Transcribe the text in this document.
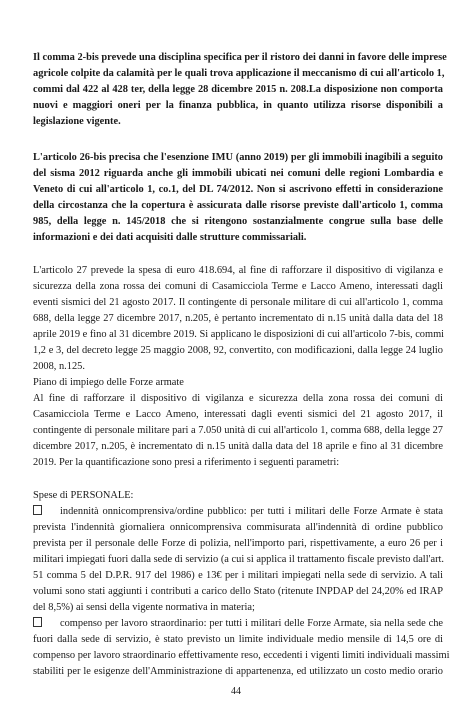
Il comma 2-bis prevede una disciplina specifica per il ristoro dei danni in favore delle imprese
agricole colpite da calamità per le quali trova applicazione il meccanismo di cui all'articolo 1,
commi dal 422 al 428 ter, della legge 28 dicembre 2015 n. 208.La disposizione non comporta
nuovi e maggiori oneri per la finanza pubblica, in quanto utilizza risorse disponibili a
legislazione vigente.
L'articolo 26-bis precisa che l'esenzione IMU (anno 2019) per gli immobili inagibili a seguito
del sisma 2012 riguarda anche gli immobili ubicati nei comuni delle regioni Lombardia e
Veneto di cui all'articolo 1, co.1, del DL 74/2012. Non si ascrivono effetti in considerazione
della circostanza che la copertura è assicurata dalle risorse previste dall'articolo 1, comma
985, della legge n. 145/2018 che si ritengono sostanzialmente congrue sulla base delle
informazioni e dei dati acquisiti dalle strutture commissariali.
L'articolo 27 prevede la spesa di euro 418.694, al fine di rafforzare il dispositivo di vigilanza e
sicurezza della zona rossa dei comuni di Casamicciola Terme e Lacco Ameno, interessati dagli
eventi sismici del 21 agosto 2017. Il contingente di personale militare di cui all'articolo 1, comma
688, della legge 27 dicembre 2017, n.205, è pertanto incrementato di n.15 unità dalla data del 18
aprile 2019 e fino al 31 dicembre 2019. Si applicano le disposizioni di cui all'articolo 7-bis, commi
1,2 e 3, del decreto legge 25 maggio 2008, 92, convertito, con modificazioni, dalla legge 24 luglio
2008, n.125.

Piano di impiego delle Forze armate

Al fine di rafforzare il dispositivo di vigilanza e sicurezza della zona rossa dei comuni di
Casamicciola Terme e Lacco Ameno, interessati dagli eventi sismici del 21 agosto 2017, il
contingente di personale militare pari a 7.050 unità di cui all'articolo 1, comma 688, della legge 27
dicembre 2017, n.205, è incrementato di n.15 unità dalla data del 18 aprile e fino al 31 dicembre
2019. Per la quantificazione sono presi a riferimento i seguenti parametri:

Spese di PERSONALE:

indennità onnicomprensiva/ordine pubblico: per tutti i militari delle Forze Armate è stata
prevista l'indennità giornaliera onnicomprensiva commisurata all'indennità di ordine pubblico
prevista per il personale delle Forze di polizia, nell'importo pari, rispettivamente, a euro 26 per i
militari impiegati fuori dalla sede di servizio (a cui si applica il trattamento fiscale previsto dall'art.
51 comma 5 del D.P.R. 917 del 1986) e 13€ per i militari impiegati nella sede di servizio. A tali
volumi sono stati aggiunti i contributi a carico dello Stato (ritenute INPDAP del 24,20% ed IRAP
del 8,5%) ai sensi della vigente normativa in materia;
compenso per lavoro straordinario: per tutti i militari delle Forze Armate, sia nella sede che
fuori dalla sede di servizio, è stato previsto un limite individuale medio mensile di 14,5 ore di
compenso per lavoro straordinario effettivamente reso, eccedenti i vigenti limiti individuali massimi
stabiliti per le esigenze dell'Amministrazione di appartenenza, ed utilizzato un costo medio orario
44
